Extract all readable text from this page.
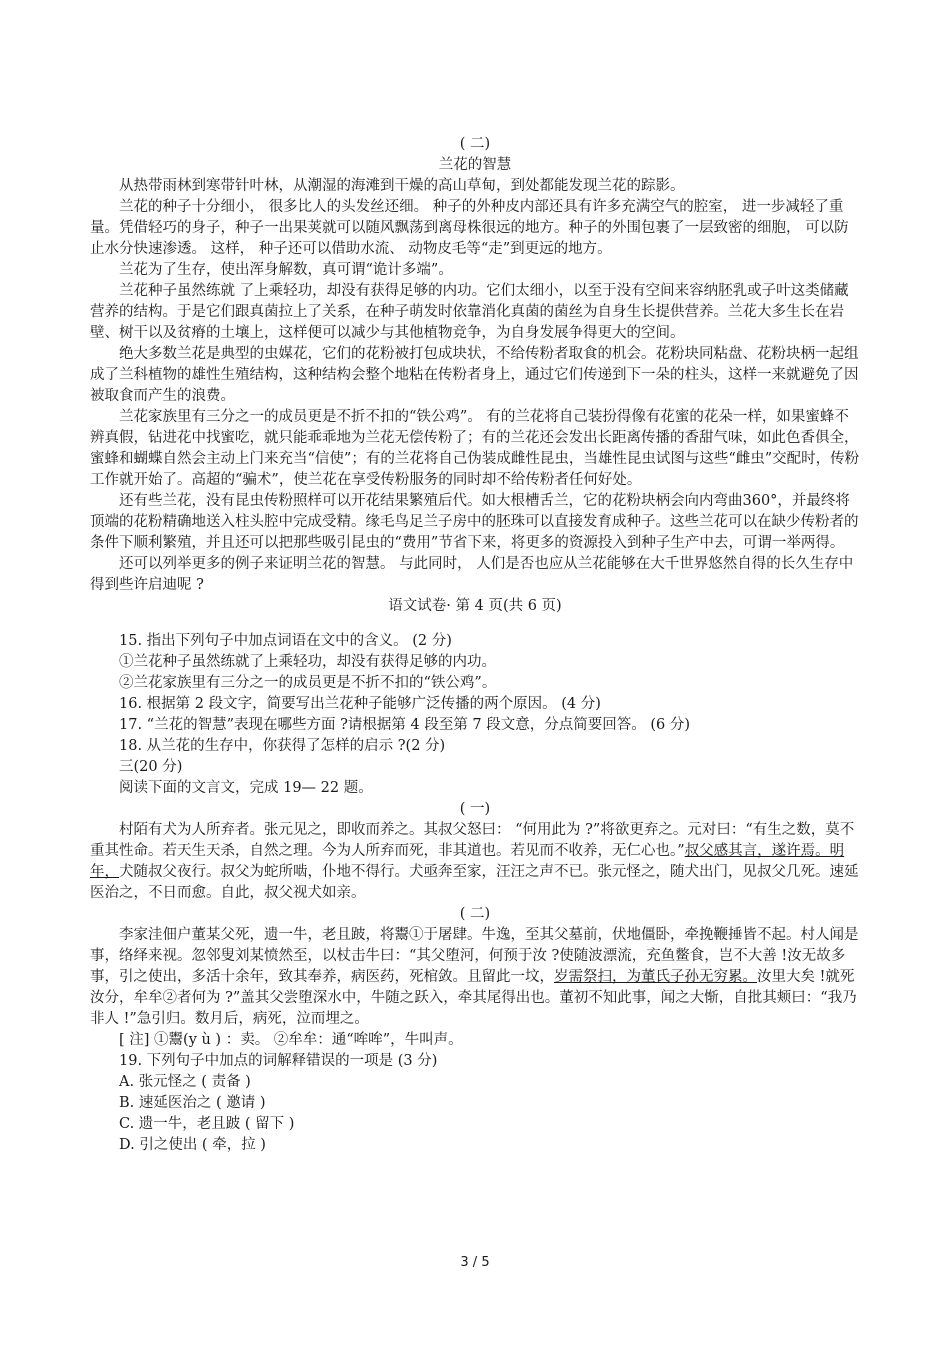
( 二)

兰花的智慧

从热带雨林到寒带针叶林，从潮湿的海滩到干燥的高山草甸，到处都能发现兰花的踪影。

兰花的种子十分细小， 很多比人的头发丝还细。 种子的外种皮内部还具有许多充满空气的腔室， 进一步减轻了重量。凭借轻巧的身子，种子一出果荚就可以随风飘荡到离母株很远的地方。种子的外围包裹了一层致密的细胞， 可以防止水分快速渗透。 这样， 种子还可以借助水流、 动物皮毛等“走”到更远的地方。

兰花为了生存，使出浑身解数，真可谓“诡计多端”。

兰花种子虽然练就 了上乘轻功，却没有获得足够的内功。它们太细小，以至于没有空间来容纳胚乳或子叶这类储藏营养的结构。于是它们跟真菌拉上了关系，在种子萌发时依靠消化真菌的菌丝为自身生长提供营养。兰花大多生长在岩壁、树干以及贫瘠的土壤上，这样便可以减少与其他植物竞争，为自身发展争得更大的空间。

绝大多数兰花是典型的虫媒花，它们的花粉被打包成块状，不给传粉者取食的机会。花粉块同粘盘、花粉块柄一起组成了兰科植物的雄性生殖结构，这种结构会整个地粘在传粉者身上，通过它们传递到下一朵的柱头，这样一来就避免了因被取食而产生的浪费。

兰花家族里有三分之一的成员更是不折不扣的“铁公鸡”。 有的兰花将自己装扮得像有花蜜的花朵一样，如果蜜蜂不辨真假，钻进花中找蜜吃，就只能乖乖地为兰花无偿传粉了；有的兰花还会发出长距离传播的香甜气味，如此色香俱全，蜜蜂和蝴蝶自然会主动上门来充当“信使”；有的兰花将自己伪装成雌性昆虫，当雄性昆虫试图与这些“雌虫”交配时，传粉工作就开始了。高超的“骗术”，使兰花在享受传粉服务的同时却不给传粉者任何好处。

还有些兰花，没有昆虫传粉照样可以开花结果繁殖后代。如大根槽舌兰，它的花粉块柄会向内弯曲360°，并最终将顶端的花粉精确地送入柱头腔中完成受精。缘毛鸟足兰子房中的胚珠可以直接发育成种子。这些兰花可以在缺少传粉者的条件下顺利繁殖，并且还可以把那些吸引昆虫的“费用”节省下来，将更多的资源投入到种子生产中去，可谓一举两得。

还可以列举更多的例子来证明兰花的智慧。 与此同时， 人们是否也应从兰花能够在大千世界悠然自得的长久生存中得到些许启迪呢 ?

语文试卷· 第 4 页(共 6 页)

15. 指出下列句子中加点词语在文中的含义。 (2 分)

①兰花种子虽然练就了上乘轻功，却没有获得足够的内功。

②兰花家族里有三分之一的成员更是不折不扣的“铁公鸡”。

16. 根据第 2 段文字，简要写出兰花种子能够广泛传播的两个原因。 (4 分)

17. “兰花的智慧”表现在哪些方面 ?请根据第 4 段至第 7 段文意，分点简要回答。 (6 分)

18. 从兰花的生存中，你获得了怎样的启示 ?(2 分)

三(20 分)

阅读下面的文言文，完成 19— 22 题。

( 一)

村陌有犬为人所弃者。张元见之，即收而养之。其叔父怒曰： “何用此为 ?”将欲更弃之。元对曰：“有生之数，莫不重其性命。若天生天杀，自然之理。今为人所弃而死，非其道也。若见而不收养，无仁心也。”叔父感其言，遂许焉。明年，犬随叔父夜行。叔父为蛇所啮，仆地不得行。犬亟奔至家，汪汪之声不已。张元怪之，随犬出门，见叔父几死。速延医治之，不日而愈。自此，叔父视犬如亲。

( 二)

李家洼佃户董某父死，遗一牛，老且跛，将鬻①于屠肆。牛逸，至其父墓前，伏地僵卧，牵挽鞭捶皆不起。村人闻是事，络绎来视。忽邻叟刘某愤然至，以杖击牛曰：“其父堕河，何预于汝 ?使随波漂流，充鱼鳖食，岂不大善 !汝无故多事，引之使出，多活十余年，致其奉养，病医药，死棺敛。且留此一坟，岁需祭扫，为董氏子孙无穷累。汝里大矣 !就死汝分，牟牟②者何为 ?”盖其父尝堕深水中，牛随之跃入，牵其尾得出也。董初不知此事，闻之大惭，自批其颊曰：“我乃非人 !”急引归。数月后，病死，泣而埋之。

[ 注] ①鬻(y ù ) ：卖。 ②牟牟：通“哞哞”，牛叫声。

19. 下列句子中加点的词解释错误的一项是 (3 分)

A. 张元怪之 ( 责备 )

B. 速延医治之 ( 邀请 )

C. 遗一牛，老且跛 ( 留下 )

D. 引之使出 ( 牵，拉 )

3 / 5
